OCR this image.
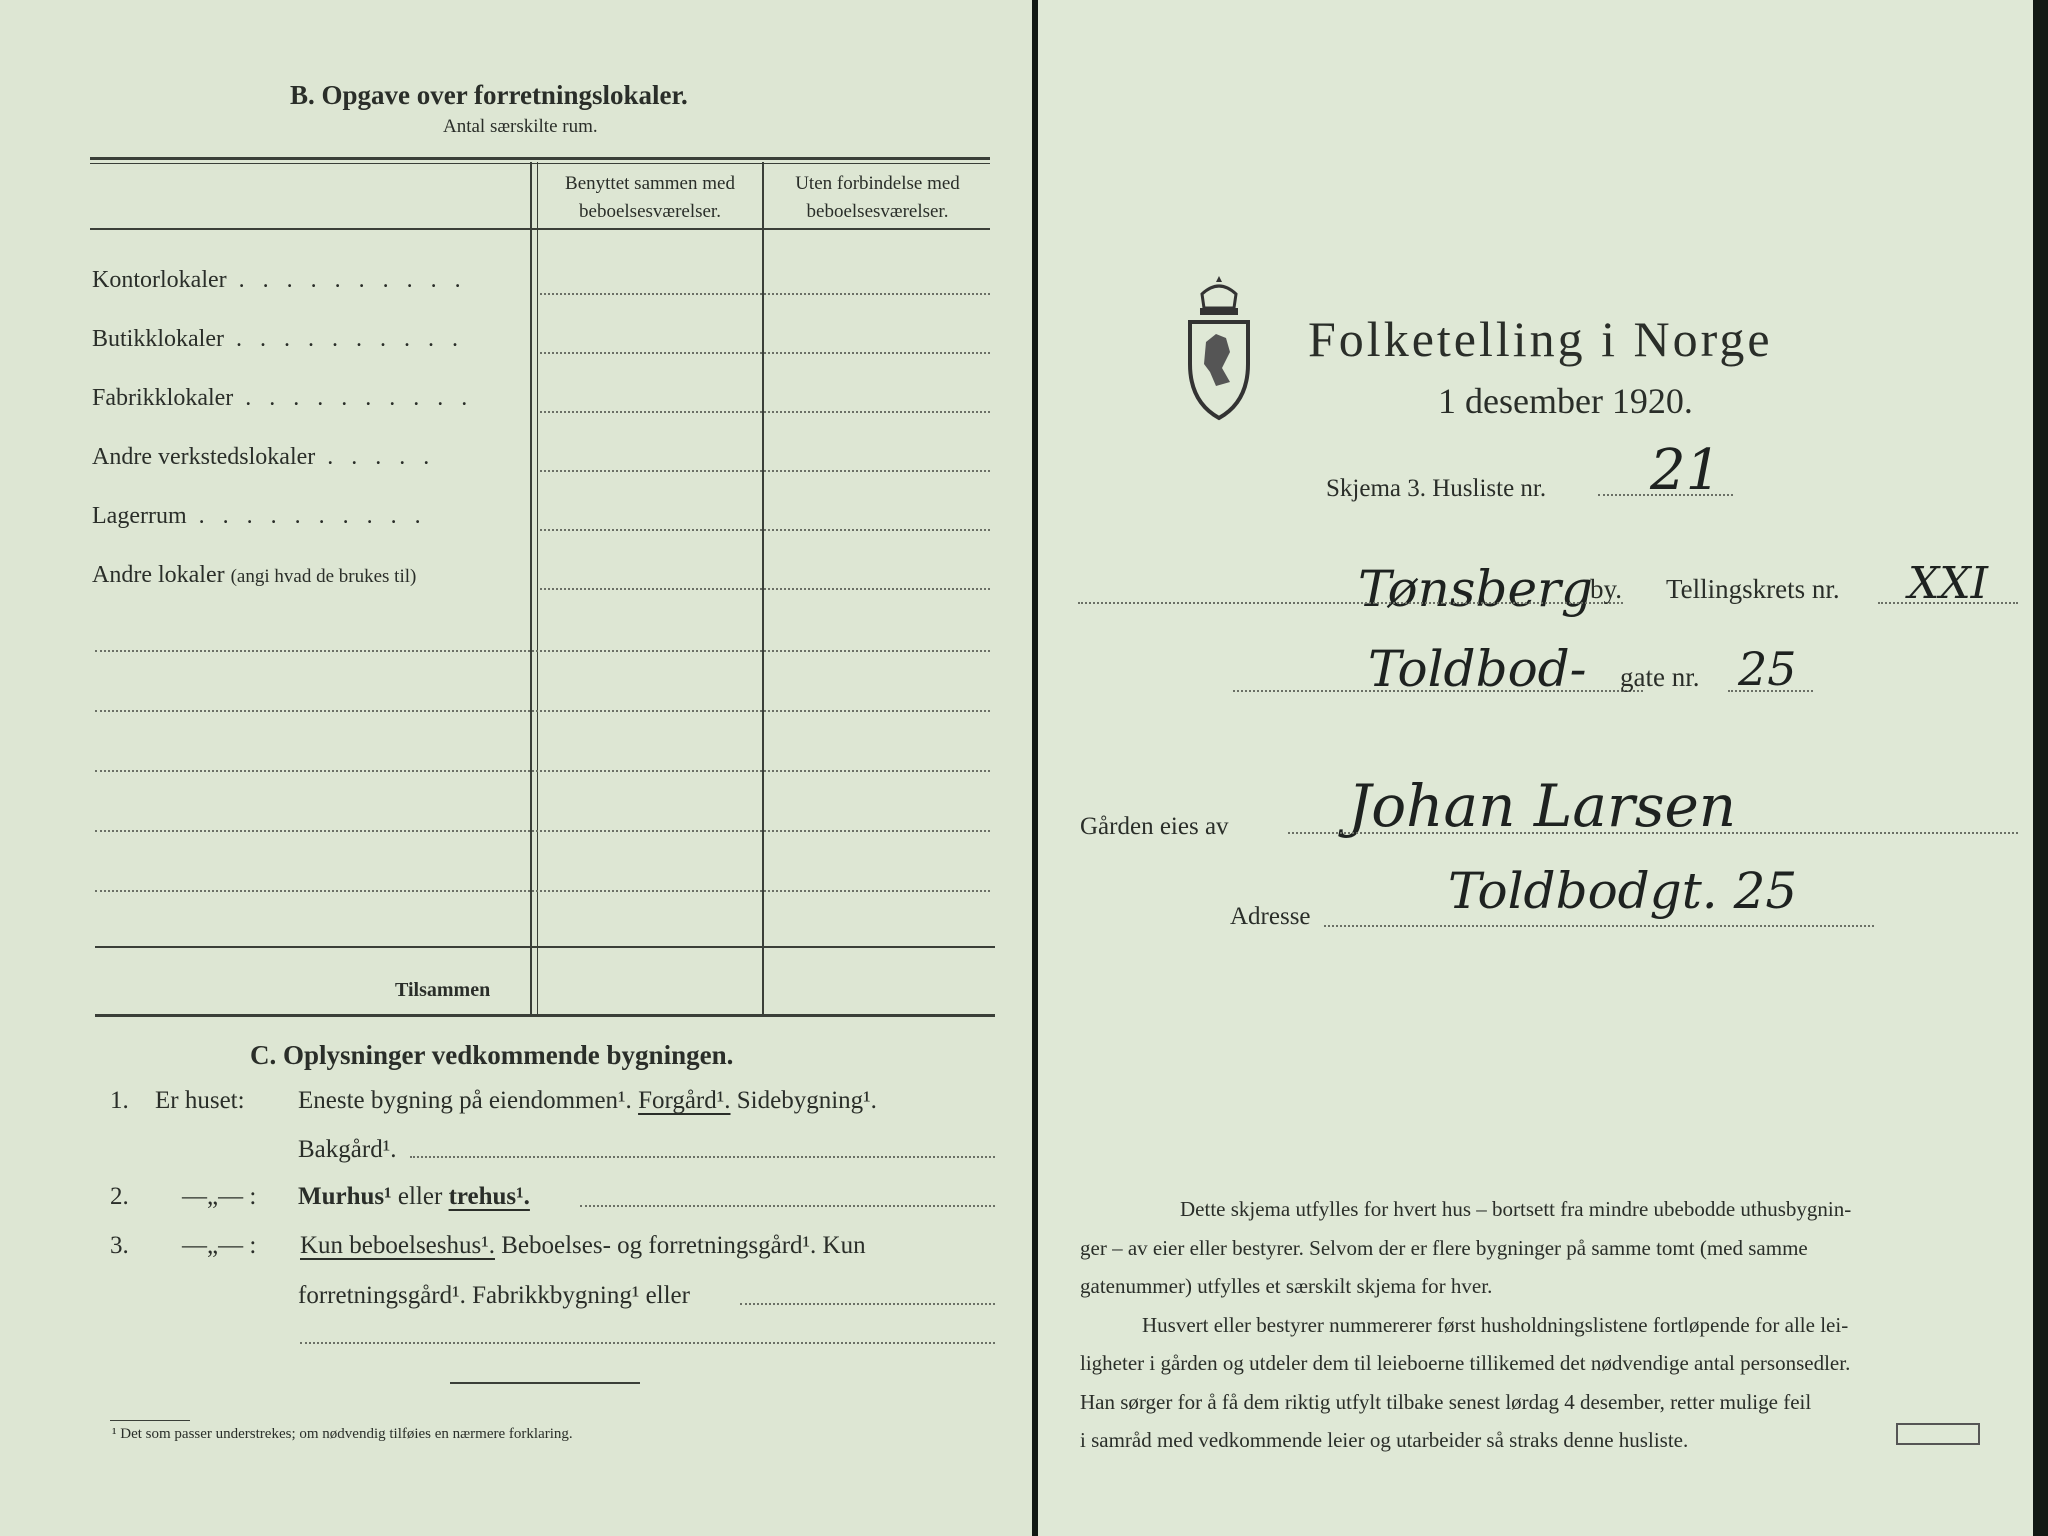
B. Opgave over forretningslokaler.
Antal særskilte rum.
Benyttet sammen med
beboelsesværelser.
Uten forbindelse med
beboelsesværelser.
Kontorlokaler . . .
Butikklokaler . . .
Fabrikklokaler . . .
Andre verkstedslokaler . . . . .
Lagerrum . . .
Andre lokaler (angi hvad de brukes til)
Tilsammen
C. Oplysninger vedkommende bygningen.
1. Er huset: Eneste bygning på eiendommen¹. Forgård¹. Sidebygning¹.
Bakgård¹.
2. —„— : Murhus¹ eller trehus¹.
3. —„— : Kun beboelseshus¹. Beboelses- og forretningsgård¹. Kun
forretningsgård¹. Fabrikkbygning¹ eller
¹ Det som passer understrekes; om nødvendig tilføies en nærmere forklaring.
Folketelling i Norge
1 desember 1920.
Skjema 3. Husliste nr. 21
Tønsberg
by. Tellingskrets nr. XXI
Toldbod- gate nr. 25
Gården eies av Johan Larsen
Adresse	Toldbodgt. 25
Dette skjema utfylles for hvert hus – bortsett fra mindre ubebodde uthusbygnin-
ger – av eier eller bestyrer. Selvom der er flere bygninger på samme tomt (med samme
gatenummer) utfylles et særskilt skjema for hver.
Husvert eller bestyrer nummererer først husholdningslistene fortløpende for alle lei-
ligheter i gården og utdeler dem til leieboerne tillikemed det nødvendige antal personsedler.
Han sørger for å få dem riktig utfylt tilbake senest lørdag 4 desember, retter mulige feil
i samråd med vedkommende leier og utarbeider så straks denne husliste.
